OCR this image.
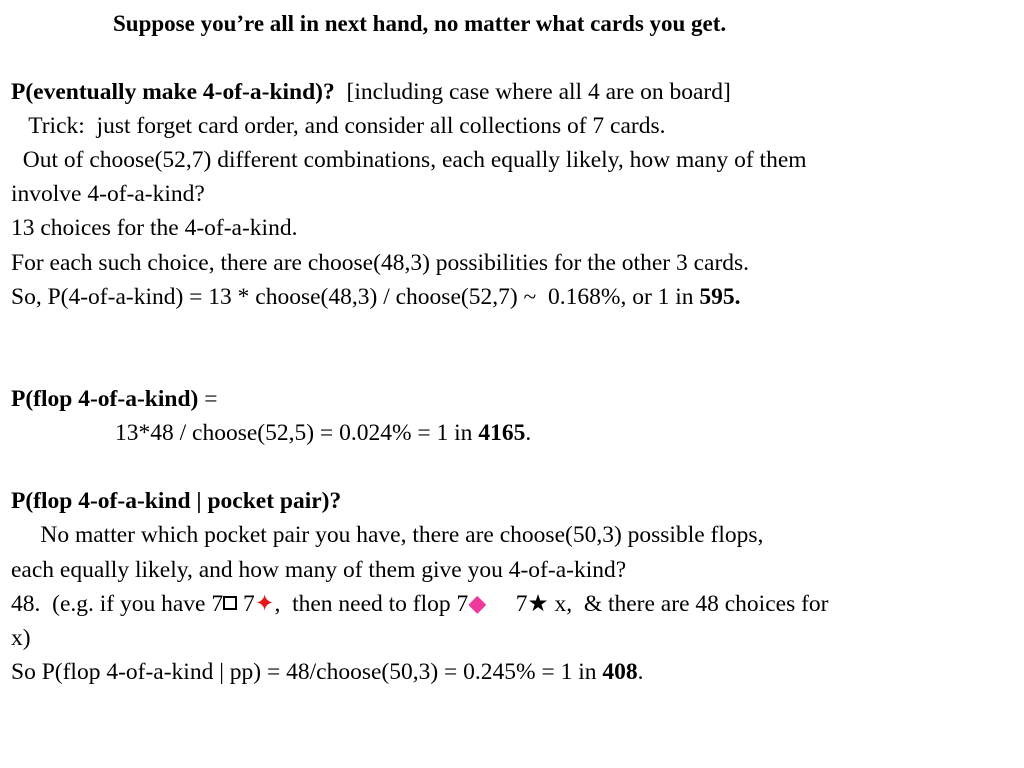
Suppose you’re all in next hand, no matter what cards you get.
P(eventually make 4-of-a-kind)?  [including case where all 4 are on board]
Trick:  just forget card order, and consider all collections of 7 cards.
Out of choose(52,7) different combinations, each equally likely, how many of them
involve 4-of-a-kind?
13 choices for the 4-of-a-kind.
For each such choice, there are choose(48,3) possibilities for the other 3 cards.
So, P(4-of-a-kind) = 13 * choose(48,3) / choose(52,7) ~  0.168%, or 1 in 595.
P(flop 4-of-a-kind) =
13*48 / choose(52,5) = 0.024% = 1 in 4165.
P(flop 4-of-a-kind | pocket pair)?
No matter which pocket pair you have, there are choose(50,3) possible flops,
each equally likely, and how many of them give you 4-of-a-kind?
48.  (e.g. if you have 7 7✦,  then need to flop 7◆     7★ x,  & there are 48 choices for
x)
So P(flop 4-of-a-kind | pp) = 48/choose(50,3) = 0.245% = 1 in 408.
